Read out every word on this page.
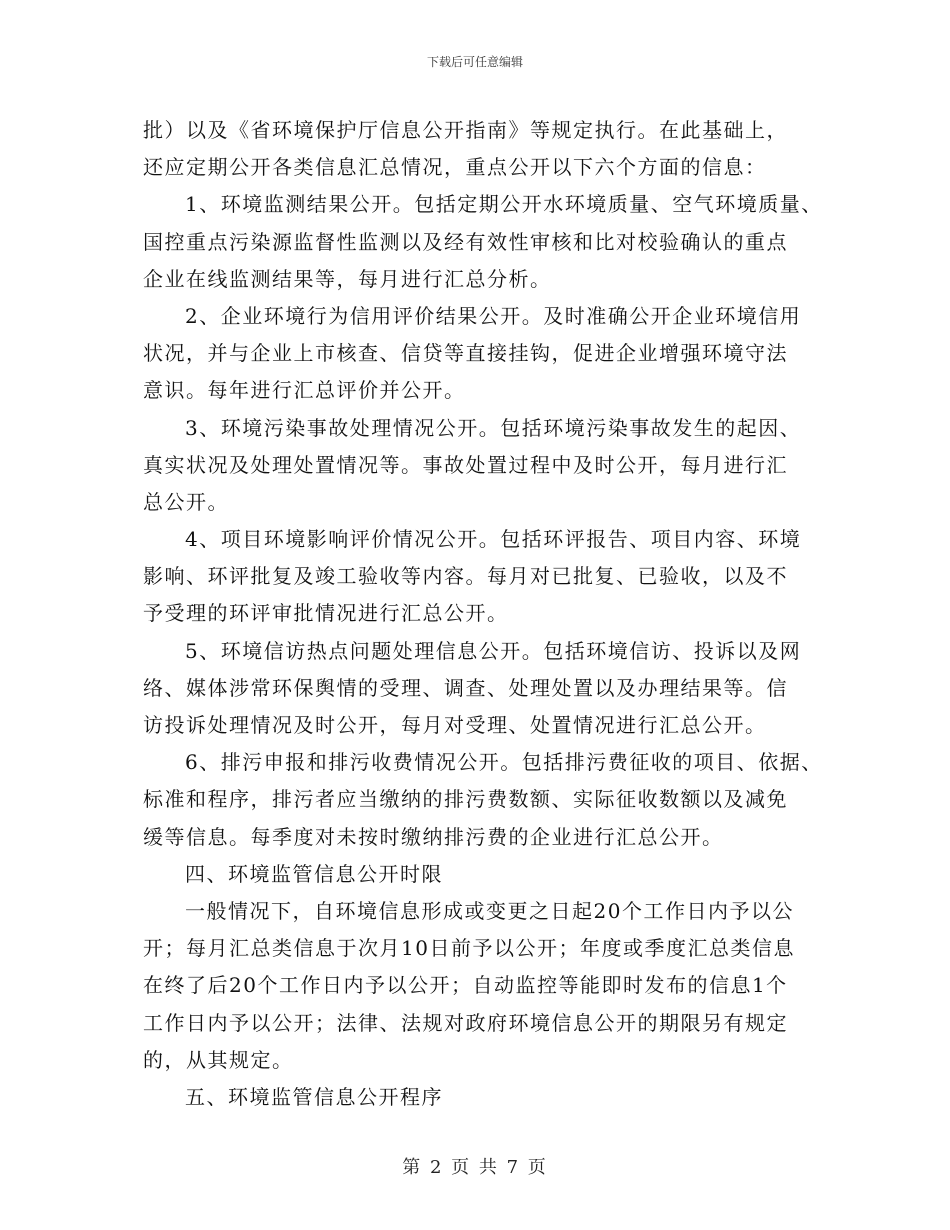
下载后可任意编辑
批）以及《省环境保护厅信息公开指南》等规定执行。在此基础上，
还应定期公开各类信息汇总情况，重点公开以下六个方面的信息：
1、环境监测结果公开。包括定期公开水环境质量、空气环境质量、
国控重点污染源监督性监测以及经有效性审核和比对校验确认的重点
企业在线监测结果等，每月进行汇总分析。
2、企业环境行为信用评价结果公开。及时准确公开企业环境信用
状况，并与企业上市核查、信贷等直接挂钩，促进企业增强环境守法
意识。每年进行汇总评价并公开。
3、环境污染事故处理情况公开。包括环境污染事故发生的起因、
真实状况及处理处置情况等。事故处置过程中及时公开，每月进行汇
总公开。
4、项目环境影响评价情况公开。包括环评报告、项目内容、环境
影响、环评批复及竣工验收等内容。每月对已批复、已验收，以及不
予受理的环评审批情况进行汇总公开。
5、环境信访热点问题处理信息公开。包括环境信访、投诉以及网
络、媒体涉常环保舆情的受理、调查、处理处置以及办理结果等。信
访投诉处理情况及时公开，每月对受理、处置情况进行汇总公开。
6、排污申报和排污收费情况公开。包括排污费征收的项目、依据、
标准和程序，排污者应当缴纳的排污费数额、实际征收数额以及减免
缓等信息。每季度对未按时缴纳排污费的企业进行汇总公开。
四、环境监管信息公开时限
一般情况下，自环境信息形成或变更之日起20个工作日内予以公
开；每月汇总类信息于次月10日前予以公开；年度或季度汇总类信息
在终了后20个工作日内予以公开；自动监控等能即时发布的信息1个
工作日内予以公开；法律、法规对政府环境信息公开的期限另有规定
的，从其规定。
五、环境监管信息公开程序
第 2 页 共 7 页
